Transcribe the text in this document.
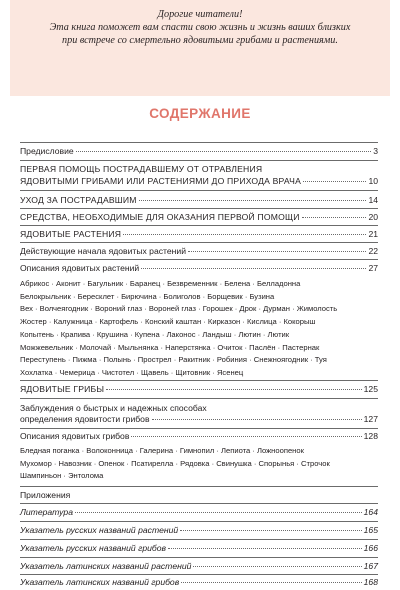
Дорогие читатели!
Эта книга поможет вам спасти свою жизнь и жизнь ваших близких
при встрече со смертельно ядовитыми грибами и растениями.
СОДЕРЖАНИЕ
Предисловие	3
ПЕРВАЯ ПОМОЩЬ ПОСТРАДАВШЕМУ ОТ ОТРАВЛЕНИЯ
ЯДОВИТЫМИ ГРИБАМИ ИЛИ РАСТЕНИЯМИ ДО ПРИХОДА ВРАЧА	10
УХОД ЗА ПОСТРАДАВШИМ	14
СРЕДСТВА, НЕОБХОДИМЫЕ ДЛЯ ОКАЗАНИЯ ПЕРВОЙ ПОМОЩИ	20
ЯДОВИТЫЕ РАСТЕНИЯ	21
Действующие начала ядовитых растений	22
Описания ядовитых растений	27
Абрикос · Аконит · Багульник · Баранец · Безвременник · Белена · Белладонна
Белокрыльник · Бересклет · Бирючина · Болиголов · Борщевик · Бузина
Вех · Волчеягодник · Вороний глаз · Вороней глаз · Горошек · Дрок · Дурман · Жимолость
Жостер · Калужница · Картофель · Конский каштан · Кирказон · Кислица · Кокорыш
Копытень · Крапива · Крушина · Купена · Лаконос · Ландыш · Лютин · Лютик
Можжевельник · Молочай · Мыльнянка · Наперстянка · Очиток · Паслён · Пастернак
Переступень · Пижма · Полынь · Прострел · Ракитник · Робиния · Снежноягодник · Туя
Хохлатка · Чемерица · Чистотел · Щавель · Щитовник · Ясенец
ЯДОВИТЫЕ ГРИБЫ	125
Заблуждения о быстрых и надежных способах
определения ядовитости грибов	127
Описания ядовитых грибов	128
Бледная поганка · Волоконница · Галерина · Гимнопил · Лепиота · Ложноопенок
Мухомор · Навозник · Опенок · Псатирелла · Рядовка · Свинушка · Спорынья · Строчок
Шампиньон · Энтолома
Приложения
Литература	164
Указатель русских названий растений	165
Указатель русских названий грибов	166
Указатель латинских названий растений	167
Указатель латинских названий грибов	168
